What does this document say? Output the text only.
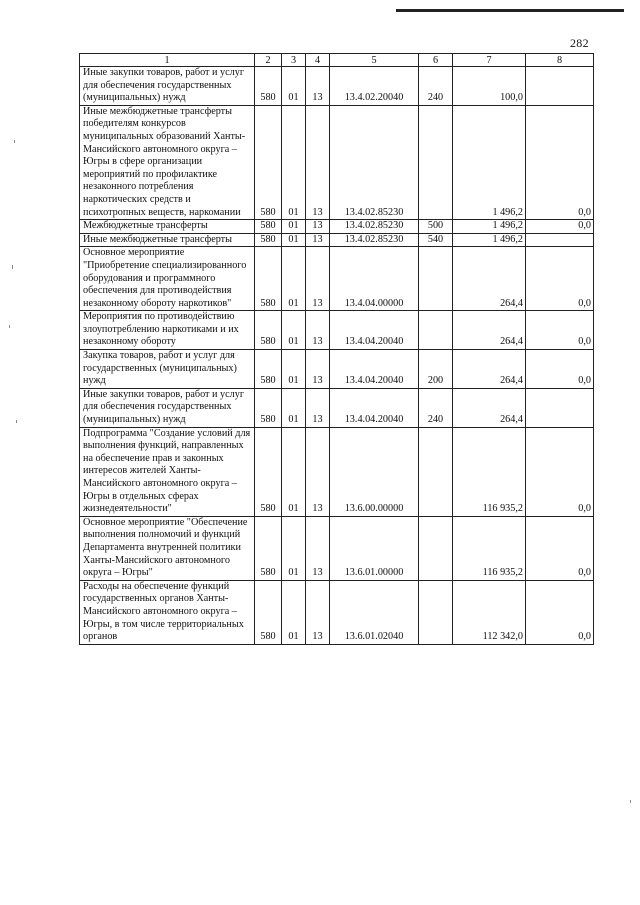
282
1	2	3	4	5	6	7	8
Иные закупки товаров, работ и услуг для обеспечения государственных (муниципальных) нужд	580	01	13	13.4.02.20040	240	100,0	
Иные межбюджетные трансферты победителям конкурсов муниципальных образований Ханты-Мансийского автономного округа – Югры в сфере организации мероприятий по профилактике незаконного потребления наркотических средств и психотропных веществ, наркомании	580	01	13	13.4.02.85230		1 496,2	0,0
Межбюджетные трансферты	580	01	13	13.4.02.85230	500	1 496,2	0,0
Иные межбюджетные трансферты	580	01	13	13.4.02.85230	540	1 496,2	
Основное мероприятие "Приобретение специализированного оборудования и программного обеспечения для противодействия незаконному обороту наркотиков"	580	01	13	13.4.04.00000		264,4	0,0
Мероприятия по противодействию злоупотреблению наркотиками и их незаконному обороту	580	01	13	13.4.04.20040		264,4	0,0
Закупка товаров, работ и услуг для государственных (муниципальных) нужд	580	01	13	13.4.04.20040	200	264,4	0,0
Иные закупки товаров, работ и услуг для обеспечения государственных (муниципальных) нужд	580	01	13	13.4.04.20040	240	264,4	
Подпрограмма "Создание условий для выполнения функций, направленных на обеспечение прав и законных интересов жителей Ханты-Мансийского автономного округа – Югры в отдельных сферах жизнедеятельности"	580	01	13	13.6.00.00000		116 935,2	0,0
Основное мероприятие "Обеспечение выполнения полномочий и функций Департамента внутренней политики Ханты-Мансийского автономного округа – Югры"	580	01	13	13.6.01.00000		116 935,2	0,0
Расходы на обеспечение функций государственных органов Ханты-Мансийского автономного округа – Югры, в том числе территориальных органов	580	01	13	13.6.01.02040		112 342,0	0,0
